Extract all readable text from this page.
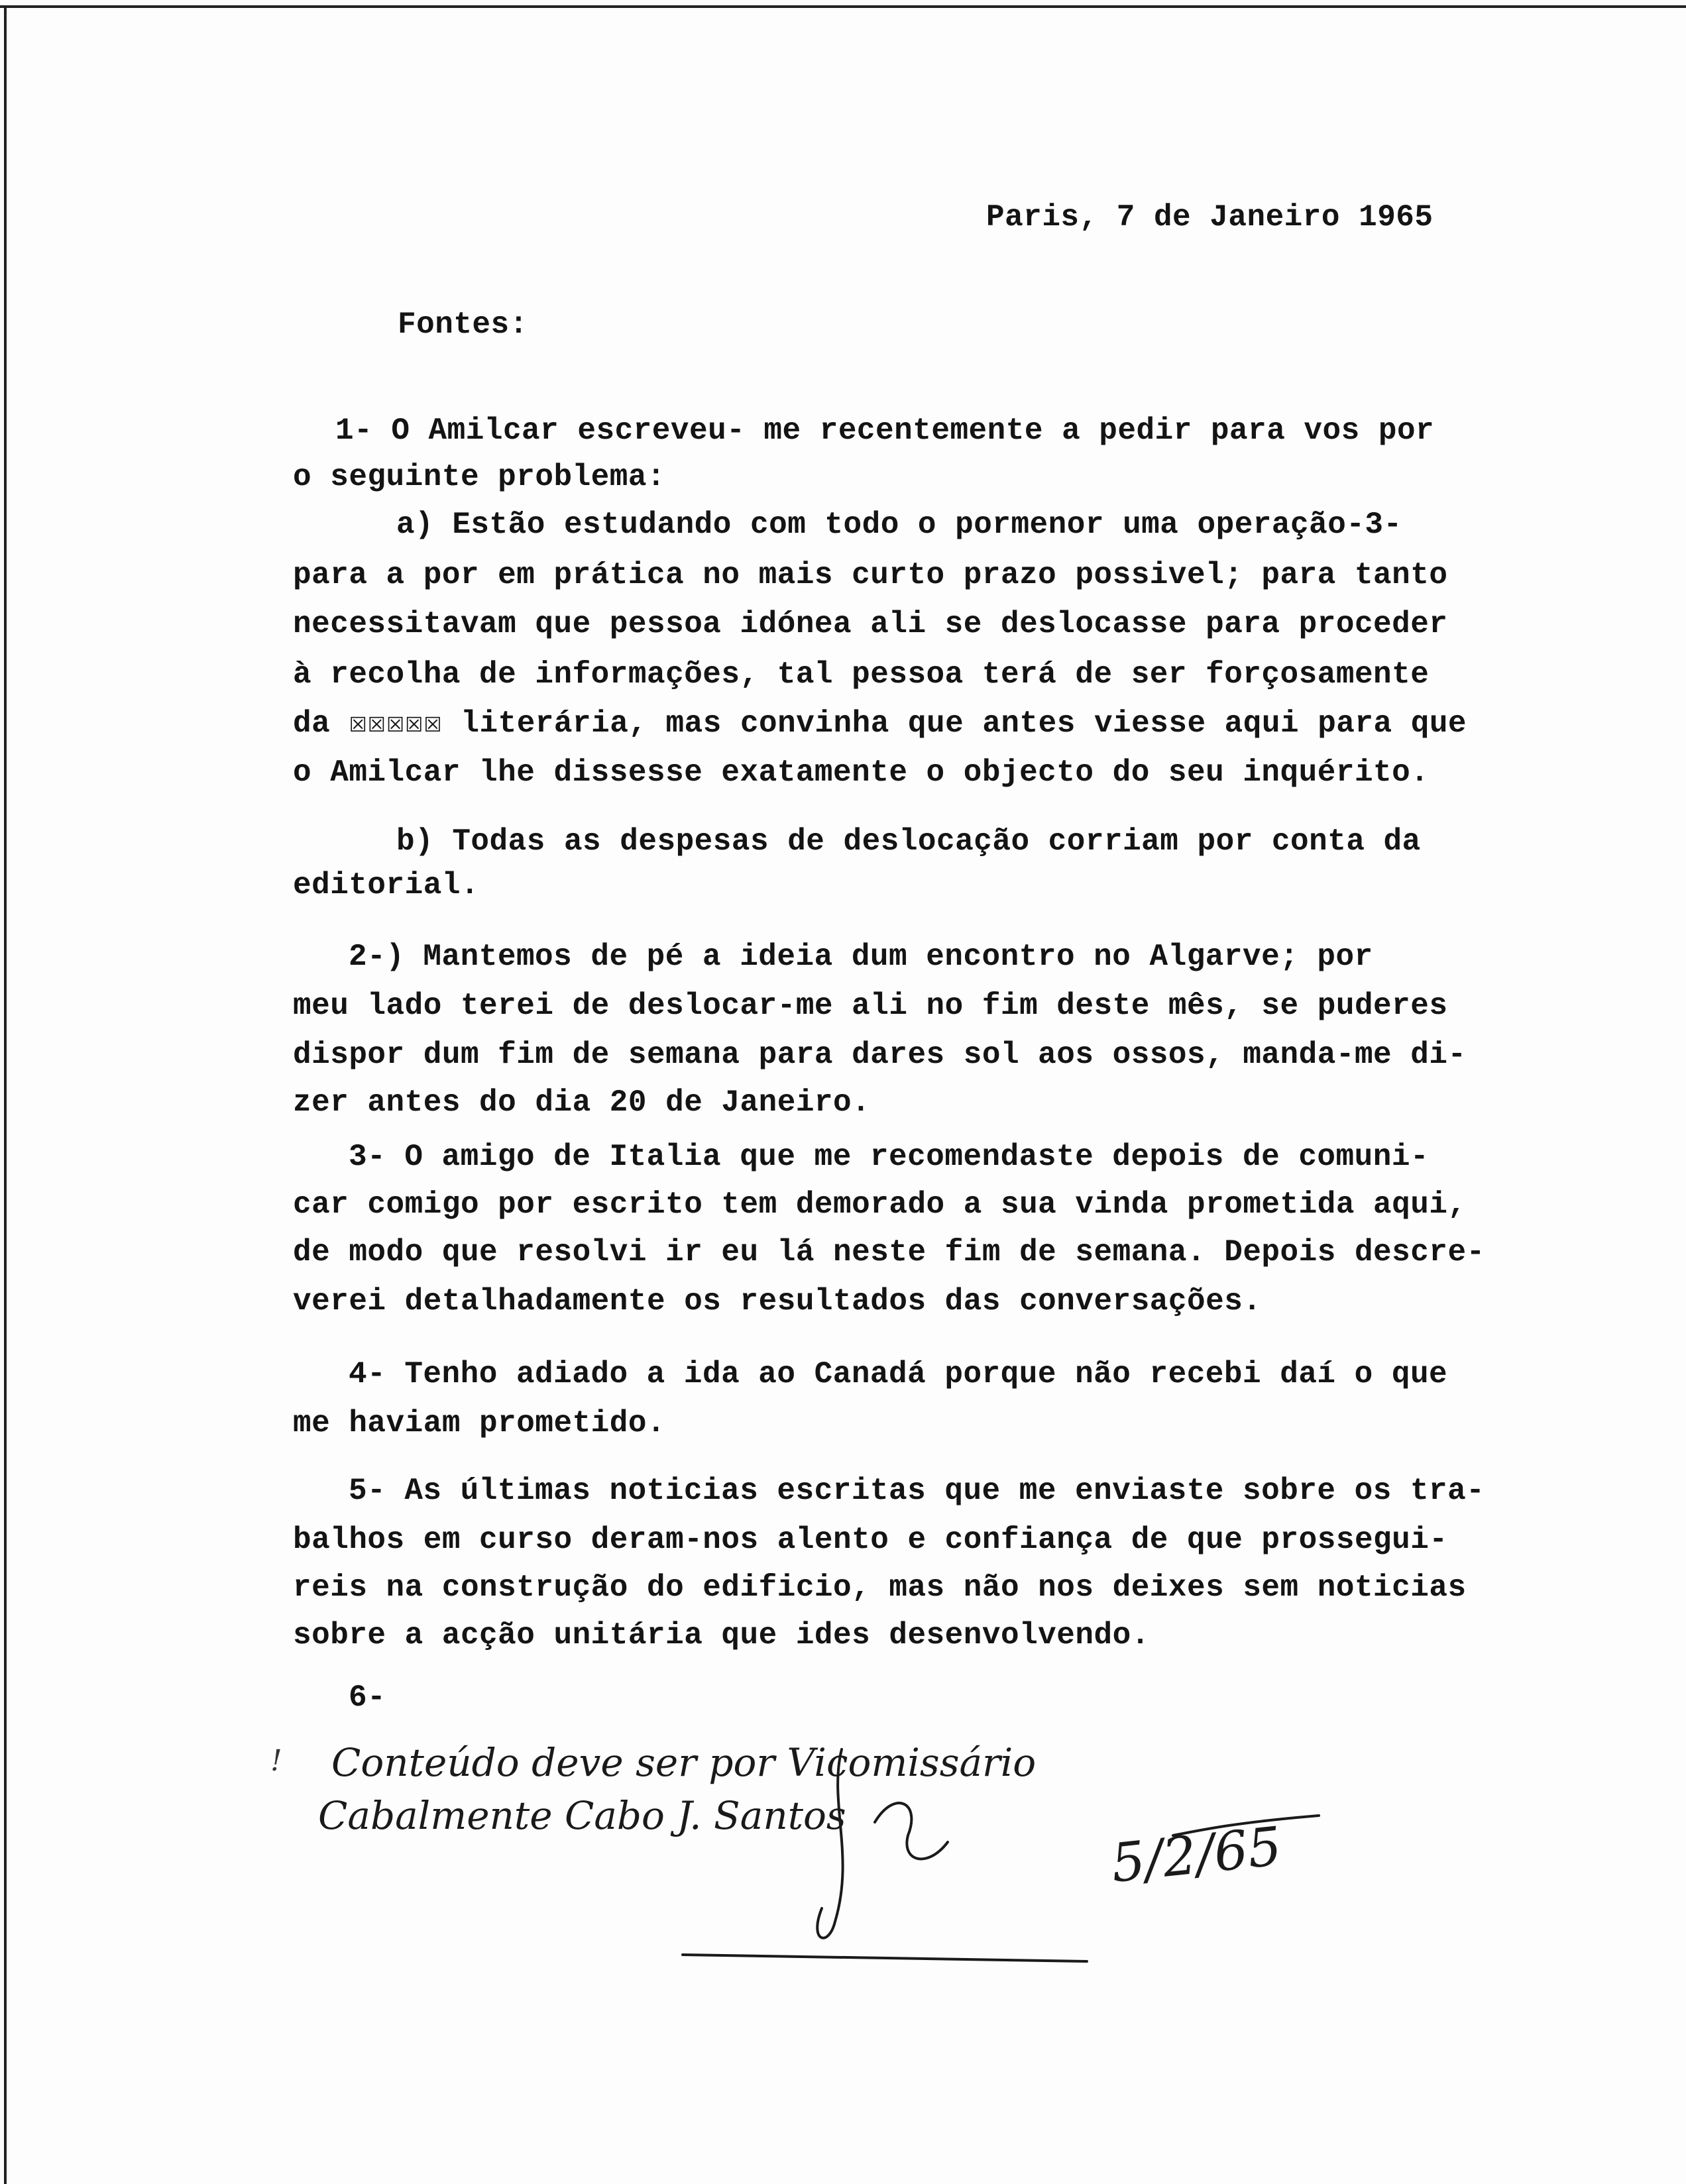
Paris, 7 de Janeiro 1965
Fontes:
1- O Amilcar escreveu- me recentemente a pedir para vos por
o seguinte problema:
a) Estão estudando com todo o pormenor uma operação-3-
para a por em prática no mais curto prazo possivel; para tanto
necessitavam que pessoa idónea ali se deslocasse para proceder
à recolha de informações, tal pessoa terá de ser forçosamente
da ☒☒☒☒☒ literária, mas convinha que antes viesse aqui para que
o Amilcar lhe dissesse exatamente o objecto do seu inquérito.
b) Todas as despesas de deslocação corriam por conta da
editorial.
2-) Mantemos de pé a ideia dum encontro no Algarve; por
meu lado terei de deslocar-me ali no fim deste mês, se puderes
dispor dum fim de semana para dares sol aos ossos, manda-me di-
zer antes do dia 20 de Janeiro.
3- O amigo de Italia que me recomendaste depois de comuni-
car comigo por escrito tem demorado a sua vinda prometida aqui,
de modo que resolvi ir eu lá neste fim de semana. Depois descre-
verei detalhadamente os resultados das conversações.
4- Tenho adiado a ida ao Canadá porque não recebi daí o que
me haviam prometido.
5- As últimas noticias escritas que me enviaste sobre os tra-
balhos em curso deram-nos alento e confiança de que prossegui-
reis na construção do edificio, mas não nos deixes sem noticias
sobre a acção unitária que ides desenvolvendo.
6-
! Conteúdo deve ser por Vicomissário
Cabalmente Cabo J. Santos	5/2/65
